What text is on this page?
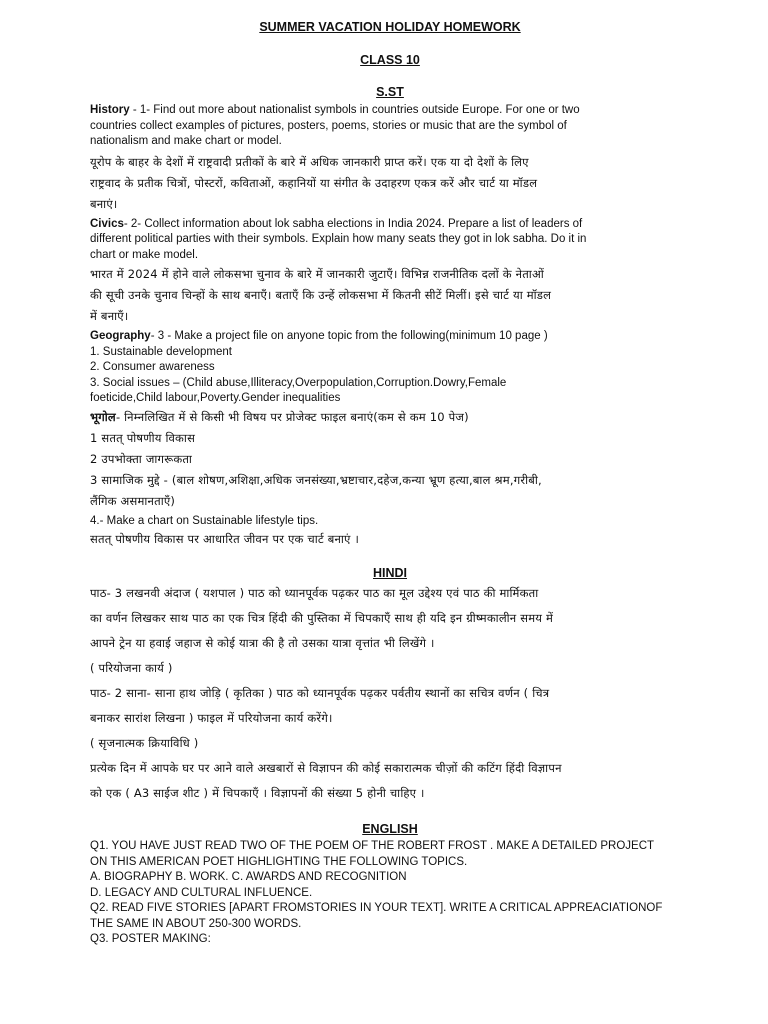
SUMMER VACATION HOLIDAY HOMEWORK

CLASS 10

S.ST

History - 1- Find out more about nationalist symbols in countries outside Europe. For one or two

countries collect examples of pictures, posters, poems, stories or music that are the symbol of

nationalism and make chart or model.

यूरोप के बाहर के देशों में राष्ट्रवादी प्रतीकों के बारे में अधिक जानकारी प्राप्त करें। एक या दो देशों के लिए

राष्ट्रवाद के प्रतीक चित्रों, पोस्टरों, कविताओं, कहानियों या संगीत के उदाहरण एकत्र करें और चार्ट या मॉडल

बनाएं।

Civics- 2- Collect information about lok sabha elections in India 2024. Prepare a list of leaders of

different political parties with their symbols. Explain how many seats they got in lok sabha. Do it in

chart or make model.

भारत में 2024 में होने वाले लोकसभा चुनाव के बारे में जानकारी जुटाएँ। विभिन्न राजनीतिक दलों के नेताओं

की सूची उनके चुनाव चिन्हों के साथ बनाएँ। बताएँ कि उन्हें लोकसभा में कितनी सीटें मिलीं। इसे चार्ट या मॉडल

में बनाएँ।

Geography- 3 - Make a project file on anyone topic from the following(minimum 10 page )

1. Sustainable development

2. Consumer awareness

3. Social issues – (Child abuse,Illiteracy,Overpopulation,Corruption.Dowry,Female

foeticide,Child labour,Poverty.Gender inequalities

भूगोल- निम्नलिखित में से किसी भी विषय पर प्रोजेक्ट फाइल बनाएं(कम से कम 10 पेज)

1 सतत् पोषणीय विकास

2 उपभोक्ता जागरूकता

3 सामाजिक मुद्दे - (बाल शोषण,अशिक्षा,अधिक जनसंख्या,भ्रष्टाचार,दहेज,कन्या भ्रूण हत्या,बाल श्रम,गरीबी,

लैंगिक असमानताएँ)

4.- Make a chart on Sustainable lifestyle tips.

सतत् पोषणीय विकास पर आधारित जीवन पर एक चार्ट बनाएं ।

HINDI

पाठ- 3 लखनवी अंदाज ( यशपाल ) पाठ को ध्यानपूर्वक पढ़कर पाठ का मूल उद्देश्य एवं पाठ की मार्मिकता

का वर्णन लिखकर साथ पाठ का एक चित्र हिंदी की पुस्तिका में चिपकाएँ साथ ही यदि इन ग्रीष्मकालीन समय में

आपने ट्रेन या हवाई जहाज से कोई यात्रा की है तो उसका यात्रा वृत्तांत भी लिखेंगे ।

( परियोजना कार्य )

पाठ- 2 साना- साना हाथ जोड़ि ( कृतिका ) पाठ को ध्यानपूर्वक पढ़कर पर्वतीय स्थानों का सचित्र वर्णन ( चित्र

बनाकर सारांश लिखना ) फाइल में परियोजना कार्य करेंगे।

( सृजनात्मक क्रियाविधि )

प्रत्येक दिन में आपके घर पर आने वाले अखबारों से विज्ञापन की कोई सकारात्मक चीज़ों की कटिंग हिंदी विज्ञापन

को एक ( A3 साईज शीट ) में चिपकाएँ । विज्ञापनों की संख्या 5 होनी चाहिए ।

ENGLISH

Q1. YOU HAVE JUST READ TWO OF THE POEM OF THE ROBERT FROST . MAKE A DETAILED PROJECT

ON THIS AMERICAN POET HIGHLIGHTING THE FOLLOWING TOPICS.

A. BIOGRAPHY B. WORK. C. AWARDS AND RECOGNITION

D. LEGACY AND CULTURAL INFLUENCE.

Q2. READ FIVE STORIES [APART FROMSTORIES IN YOUR TEXT]. WRITE A CRITICAL APPREACIATIONOF

THE SAME IN ABOUT 250-300 WORDS.

Q3. POSTER MAKING:
